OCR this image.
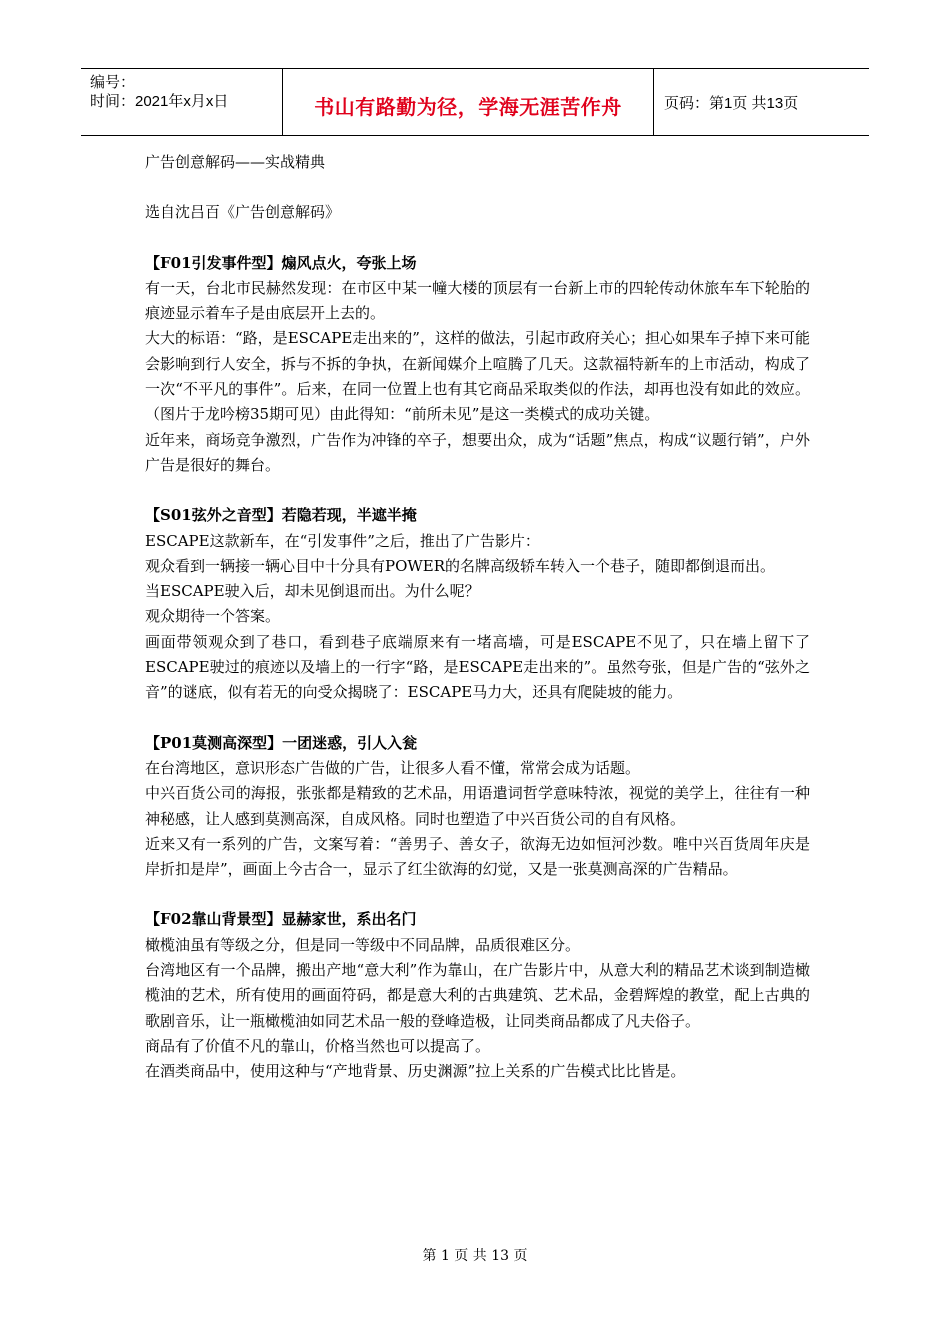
编号：
时间：2021年x月x日	书山有路勤为径，学海无涯苦作舟	页码：第1页 共13页

广告创意解码——实战精典

选自沈吕百《广告创意解码》

【F01引发事件型】煽风点火，夸张上场

有一天，台北市民赫然发现：在市区中某一幢大楼的顶层有一台新上市的四轮传动休旅车车下轮胎的痕迹显示着车子是由底层开上去的。

大大的标语：“路，是ESCAPE走出来的”，这样的做法，引起市政府关心；担心如果车子掉下来可能会影响到行人安全，拆与不拆的争执，在新闻媒介上喧腾了几天。这款福特新车的上市活动，构成了一次“不平凡的事件”。后来，在同一位置上也有其它商品采取类似的作法，却再也没有如此的效应。（图片于龙吟榜35期可见）由此得知：“前所未见”是这一类模式的成功关键。

近年来，商场竞争激烈，广告作为冲锋的卒子，想要出众，成为“话题”焦点，构成“议题行销”，户外广告是很好的舞台。

【S01弦外之音型】若隐若现，半遮半掩

ESCAPE这款新车，在“引发事件”之后，推出了广告影片：

观众看到一辆接一辆心目中十分具有POWER的名牌高级轿车转入一个巷子，随即都倒退而出。

当ESCAPE驶入后，却未见倒退而出。为什么呢？

观众期待一个答案。

画面带领观众到了巷口，看到巷子底端原来有一堵高墙，可是ESCAPE不见了，只在墙上留下了ESCAPE驶过的痕迹以及墙上的一行字“路，是ESCAPE走出来的”。虽然夸张，但是广告的“弦外之音”的谜底，似有若无的向受众揭晓了：ESCAPE马力大，还具有爬陡坡的能力。

【P01莫测高深型】一团迷惑，引人入瓮

在台湾地区，意识形态广告做的广告，让很多人看不懂，常常会成为话题。

中兴百货公司的海报，张张都是精致的艺术品，用语遣词哲学意味特浓，视觉的美学上，往往有一种神秘感，让人感到莫测高深，自成风格。同时也塑造了中兴百货公司的自有风格。

近来又有一系列的广告，文案写着：“善男子、善女子，欲海无边如恒河沙数。唯中兴百货周年庆是岸折扣是岸”，画面上今古合一，显示了红尘欲海的幻觉，又是一张莫测高深的广告精品。

【F02靠山背景型】显赫家世，系出名门

橄榄油虽有等级之分，但是同一等级中不同品牌，品质很难区分。

台湾地区有一个品牌，搬出产地“意大利”作为靠山，在广告影片中，从意大利的精品艺术谈到制造橄榄油的艺术，所有使用的画面符码，都是意大利的古典建筑、艺术品，金碧辉煌的教堂，配上古典的歌剧音乐，让一瓶橄榄油如同艺术品一般的登峰造极，让同类商品都成了凡夫俗子。

商品有了价值不凡的靠山，价格当然也可以提高了。

在酒类商品中，使用这种与“产地背景、历史渊源”拉上关系的广告模式比比皆是。

第 1 页 共 13 页
